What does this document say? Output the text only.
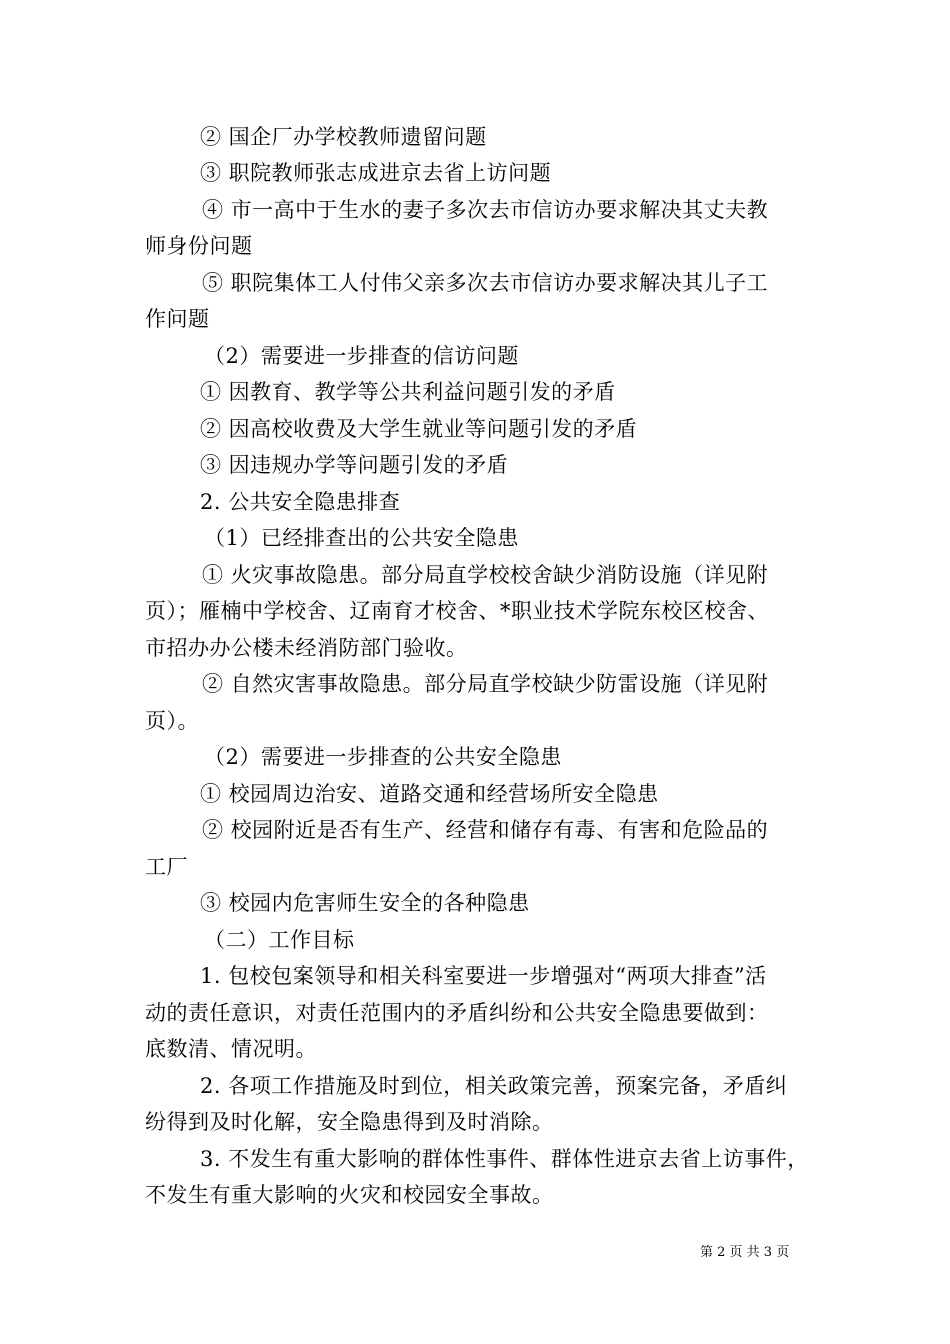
② 国企厂办学校教师遗留问题
③ 职院教师张志成进京去省上访问题
④ 市一高中于生水的妻子多次去市信访办要求解决其丈夫教
师身份问题
⑤ 职院集体工人付伟父亲多次去市信访办要求解决其儿子工
作问题
（2）需要进一步排查的信访问题
① 因教育、教学等公共利益问题引发的矛盾
② 因高校收费及大学生就业等问题引发的矛盾
③ 因违规办学等问题引发的矛盾
2. 公共安全隐患排查
（1）已经排查出的公共安全隐患
① 火灾事故隐患。部分局直学校校舍缺少消防设施（详见附
页）；雁楠中学校舍、辽南育才校舍、*职业技术学院东校区校舍、
市招办办公楼未经消防部门验收。
② 自然灾害事故隐患。部分局直学校缺少防雷设施（详见附
页）。
（2）需要进一步排查的公共安全隐患
① 校园周边治安、道路交通和经营场所安全隐患
② 校园附近是否有生产、经营和储存有毒、有害和危险品的
工厂
③ 校园内危害师生安全的各种隐患
（二）工作目标
1. 包校包案领导和相关科室要进一步增强对“两项大排查”活
动的责任意识，对责任范围内的矛盾纠纷和公共安全隐患要做到：
底数清、情况明。
2. 各项工作措施及时到位，相关政策完善，预案完备，矛盾纠
纷得到及时化解，安全隐患得到及时消除。
3. 不发生有重大影响的群体性事件、群体性进京去省上访事件，
不发生有重大影响的火灾和校园安全事故。
第 2 页 共 3 页
